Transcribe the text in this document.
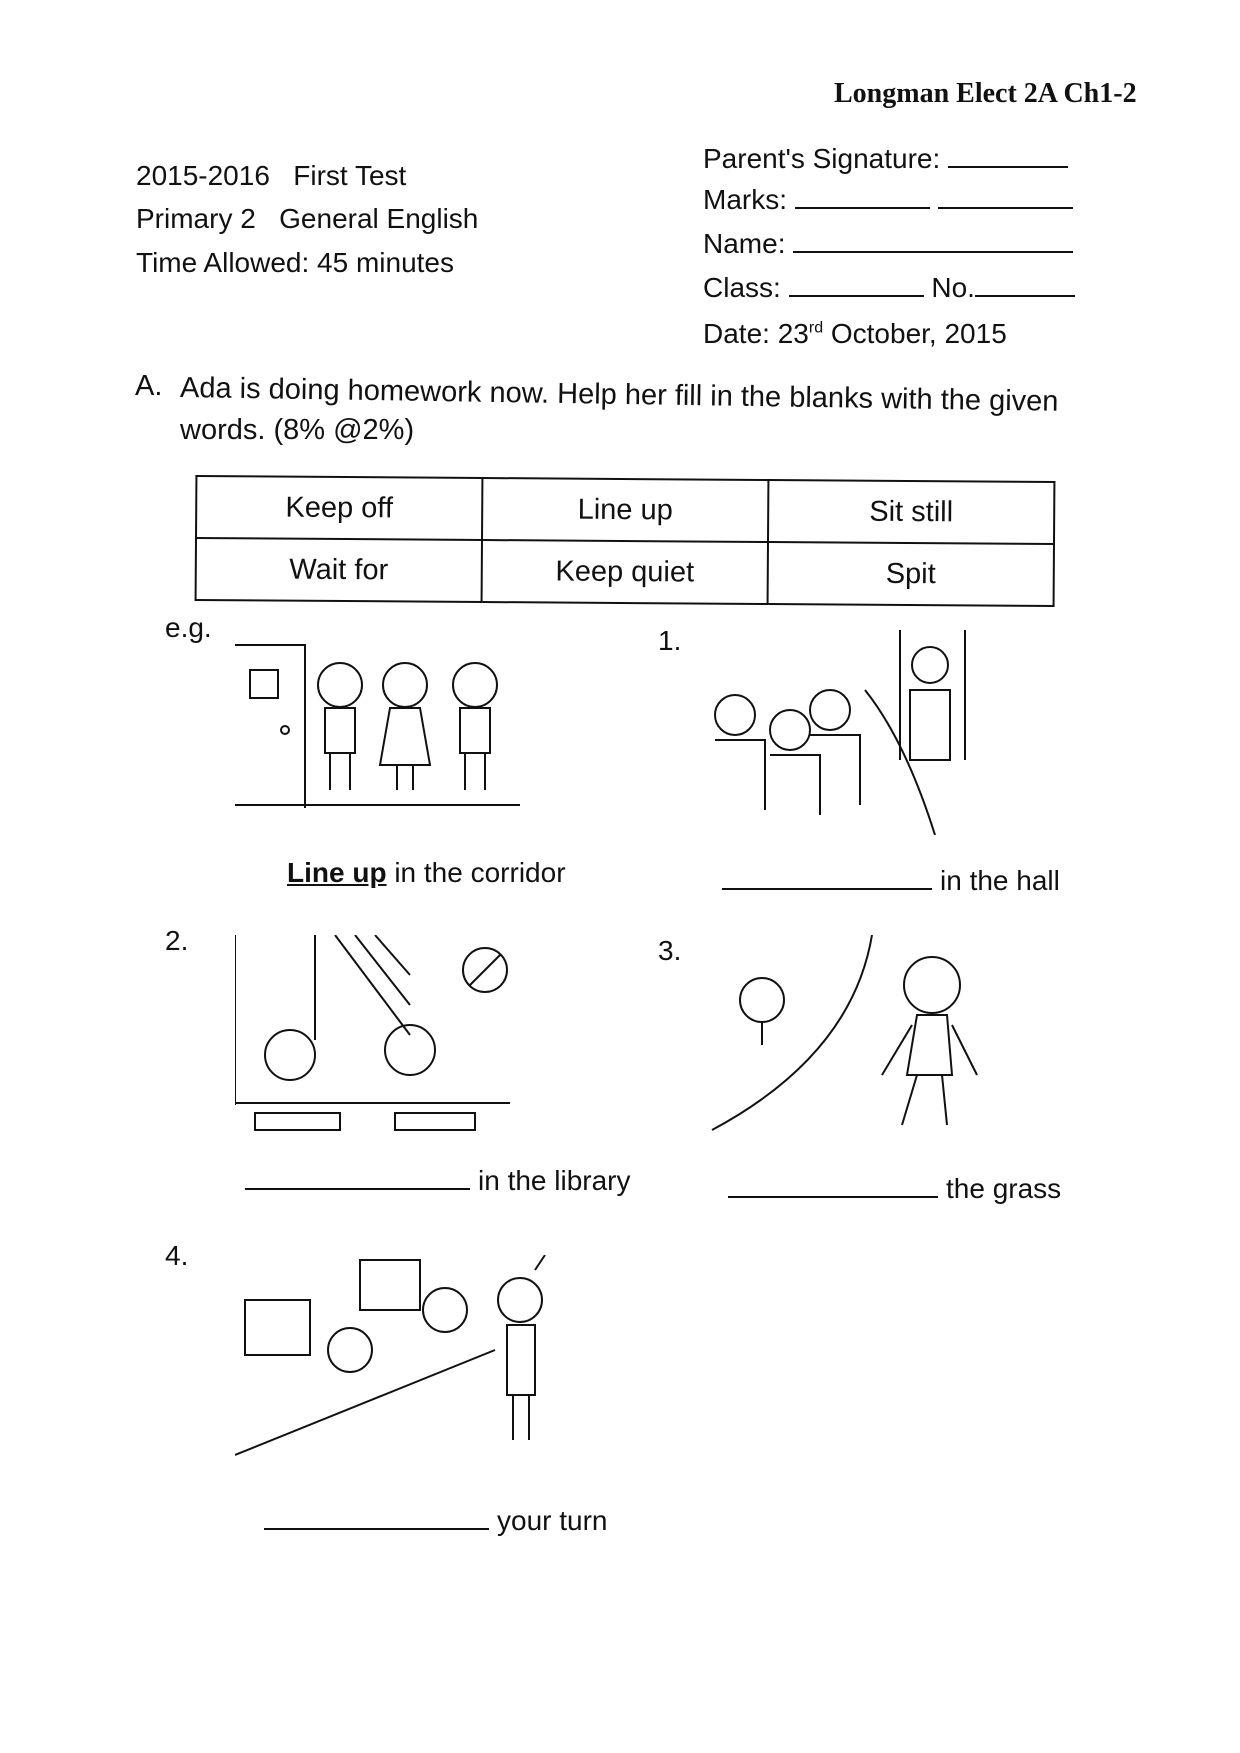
Longman Elect 2A Ch1-2
2015-2016 First Test
Primary 2 General English
Time Allowed: 45 minutes
Parent's Signature:
Marks:
Name:
Class:	No.
Date: 23rd October, 2015
A. Ada is doing homework now. Help her fill in the blanks with the given
words. (8% @2%)
Keep off	Line up	Sit still
Wait for	Keep quiet	Spit
e.g.
Line up in the corridor
1.
in the hall
2.
in the library
3.
the grass
4.
your turn
